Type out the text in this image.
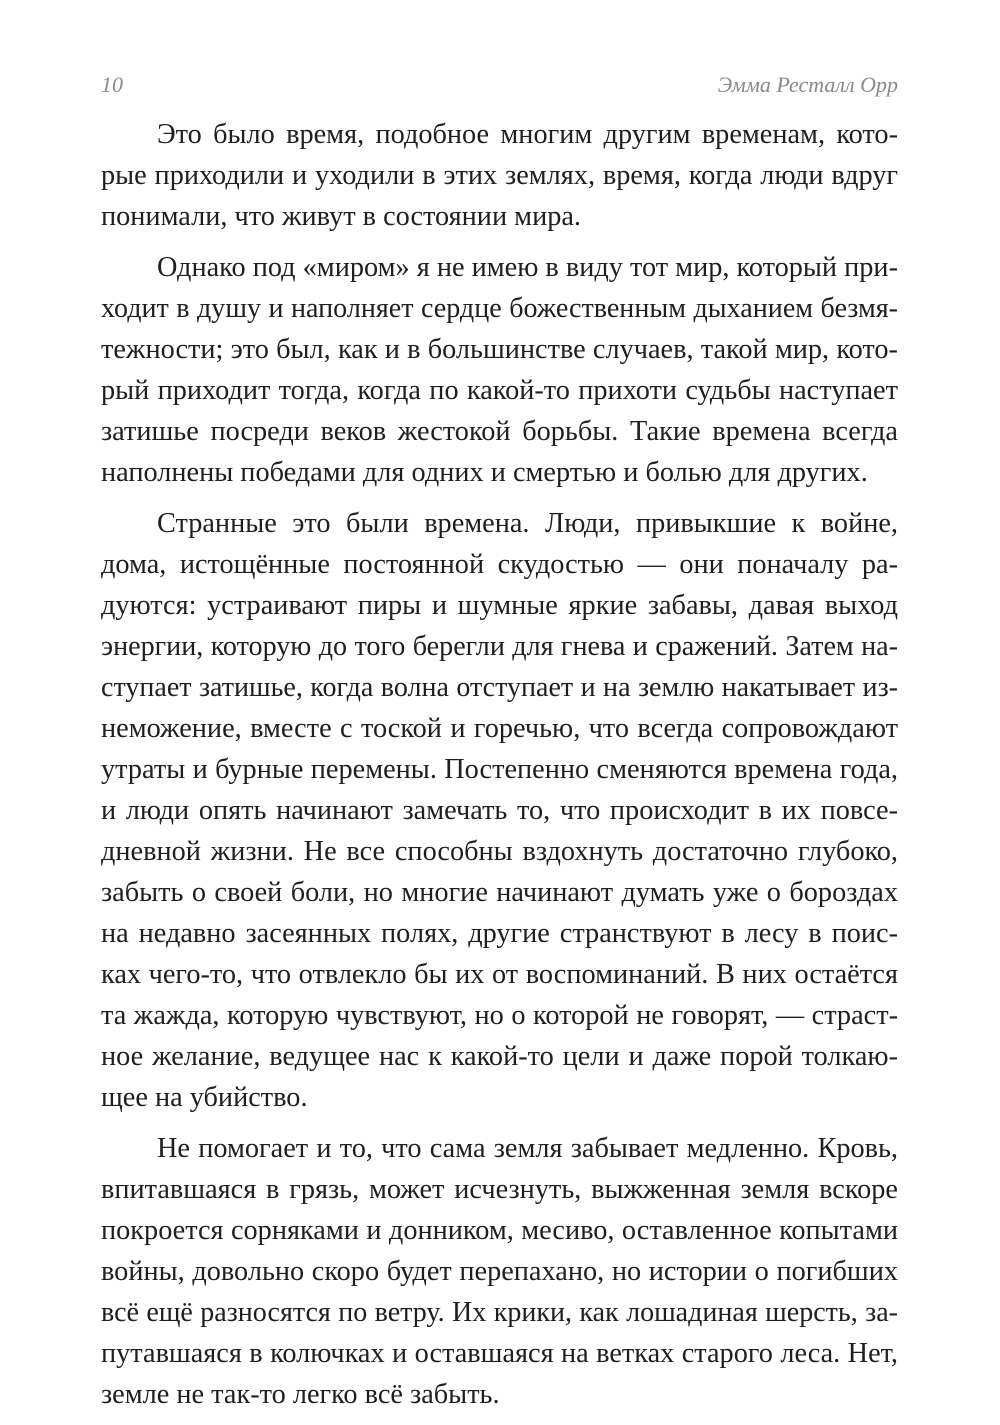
10	Эмма Ресталл Орр
Это было время, подобное многим другим временам, кото-
рые приходили и уходили в этих землях, время, когда люди вдруг
понимали, что живут в состоянии мира.
Однако под «миром» я не имею в виду тот мир, который при-
ходит в душу и наполняет сердце божественным дыханием безмя-
тежности; это был, как и в большинстве случаев, такой мир, кото-
рый приходит тогда, когда по какой-то прихоти судьбы наступает
затишье посреди веков жестокой борьбы. Такие времена всегда
наполнены победами для одних и смертью и болью для других.
Странные это были времена. Люди, привыкшие к войне,
дома, истощённые постоянной скудостью — они поначалу ра-
дуются: устраивают пиры и шумные яркие забавы, давая выход
энергии, которую до того берегли для гнева и сражений. Затем на-
ступает затишье, когда волна отступает и на землю накатывает из-
неможение, вместе с тоской и горечью, что всегда сопровождают
утраты и бурные перемены. Постепенно сменяются времена года,
и люди опять начинают замечать то, что происходит в их повсе-
дневной жизни. Не все способны вздохнуть достаточно глубоко,
забыть о своей боли, но многие начинают думать уже о бороздах
на недавно засеянных полях, другие странствуют в лесу в поис-
ках чего-то, что отвлекло бы их от воспоминаний. В них остаётся
та жажда, которую чувствуют, но о которой не говорят, — страст-
ное желание, ведущее нас к какой-то цели и даже порой толкаю-
щее на убийство.
Не помогает и то, что сама земля забывает медленно. Кровь,
впитавшаяся в грязь, может исчезнуть, выжженная земля вскоре
покроется сорняками и донником, месиво, оставленное копытами
войны, довольно скоро будет перепахано, но истории о погибших
всё ещё разносятся по ветру. Их крики, как лошадиная шерсть, за-
путавшаяся в колючках и оставшаяся на ветках старого леса. Нет,
земле не так-то легко всё забыть.
